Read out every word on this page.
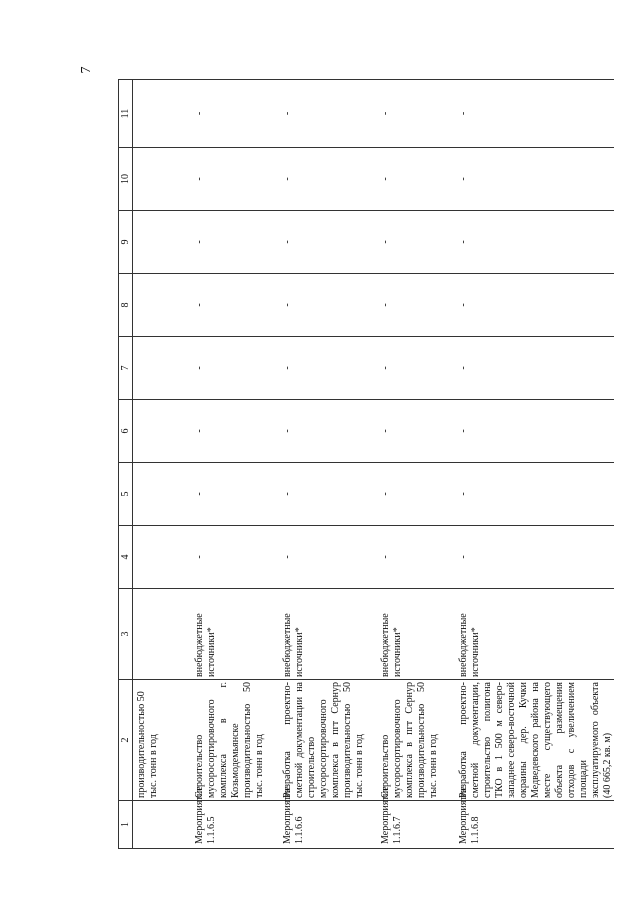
7
1	2	3	4	5	6	7	8	9	10	11
	производительностью 50 тыс. тонн в год									
Мероприятие 1.1.6.5	Строительство мусоросортировочного комплекса в г. Козьмодемьянске производительностью 50 тыс. тонн в год	внебюджетные источники*	-	-	-	-	-	-	-	-
Мероприятие 1.1.6.6	Разработка проектно-сметной документации на строительство мусоросортировочного комплекса в пгт Сернур производительностью 50 тыс. тонн в год	внебюджетные источники*	-	-	-	-	-	-	-	-
Мероприятие 1.1.6.7	Строительство мусоросортировочного комплекса в пгт Сернур производительностью 50 тыс. тонн в год	внебюджетные источники*	-	-	-	-	-	-	-	-
Мероприятие 1.1.6.8	Разработка проектно-сметной документации, строительство полигона ТКО в 1 500 м северо-западнее северо-восточной окраины дер. Кучки Медведевского района на месте существующего объекта размещения отходов с увеличением площади эксплуатируемого объекта (40 665,2 кв. м)	внебюджетные источники*	-	-	-	-	-	-	-	-
